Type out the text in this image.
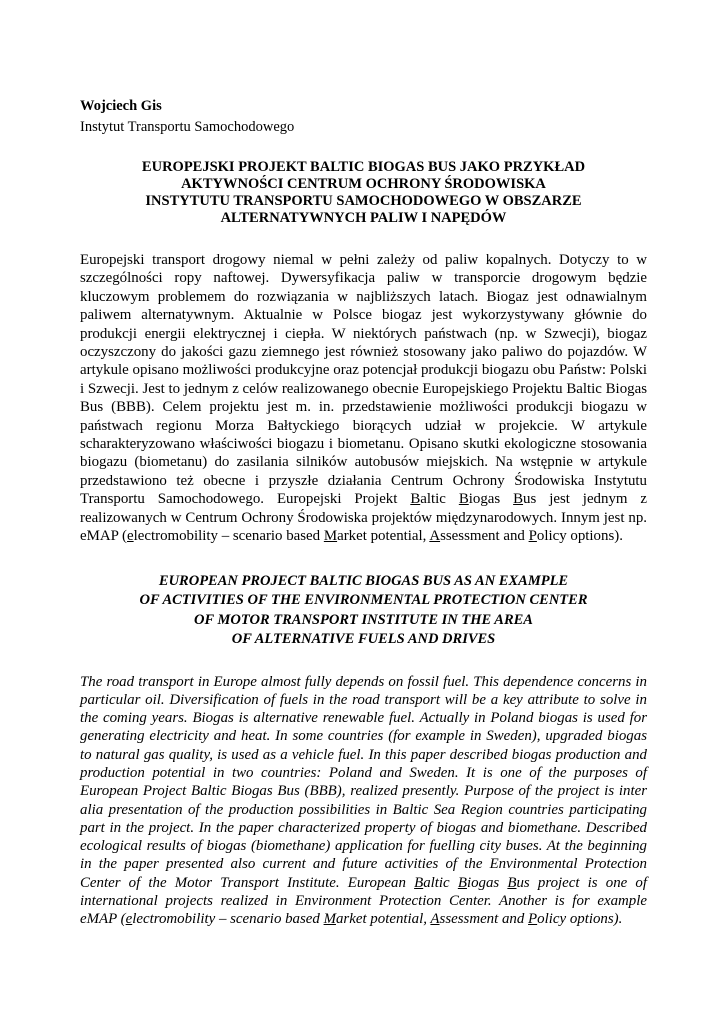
Wojciech Gis
Instytut Transportu Samochodowego
EUROPEJSKI PROJEKT BALTIC BIOGAS BUS JAKO PRZYKŁAD
AKTYWNOŚCI CENTRUM OCHRONY ŚRODOWISKA
INSTYTUTU TRANSPORTU SAMOCHODOWEGO W OBSZARZE
ALTERNATYWNYCH PALIW I NAPĘDÓW
Europejski transport drogowy niemal w pełni zależy od paliw kopalnych. Dotyczy to w szczególności ropy naftowej. Dywersyfikacja paliw w transporcie drogowym będzie kluczowym problemem do rozwiązania w najbliższych latach. Biogaz jest odnawialnym paliwem alternatywnym. Aktualnie w Polsce biogaz jest wykorzystywany głównie do produkcji energii elektrycznej i ciepła. W niektórych państwach (np. w Szwecji), biogaz oczyszczony do jakości gazu ziemnego jest również stosowany jako paliwo do pojazdów. W artykule opisano możliwości produkcyjne oraz potencjał produkcji biogazu obu Państw: Polski i Szwecji. Jest to jednym z celów realizowanego obecnie Europejskiego Projektu Baltic Biogas Bus (BBB). Celem projektu jest m. in. przedstawienie możliwości produkcji biogazu w państwach regionu Morza Bałtyckiego biorących udział w projekcie. W artykule scharakteryzowano właściwości biogazu i biometanu. Opisano skutki ekologiczne stosowania biogazu (biometanu) do zasilania silników autobusów miejskich. Na wstępnie w artykule przedstawiono też obecne i przyszłe działania Centrum Ochrony Środowiska Instytutu Transportu Samochodowego. Europejski Projekt Baltic Biogas Bus jest jednym z realizowanych w Centrum Ochrony Środowiska projektów międzynarodowych. Innym jest np. eMAP (electromobility – scenario based Market potential, Assessment and Policy options).
EUROPEAN PROJECT BALTIC BIOGAS BUS AS AN EXAMPLE
OF ACTIVITIES OF THE ENVIRONMENTAL PROTECTION CENTER
OF MOTOR TRANSPORT INSTITUTE IN THE AREA
OF ALTERNATIVE FUELS AND DRIVES
The road transport in Europe almost fully depends on fossil fuel. This dependence concerns in particular oil. Diversification of fuels in the road transport will be a key attribute to solve in the coming years. Biogas is alternative renewable fuel. Actually in Poland biogas is used for generating electricity and heat. In some countries (for example in Sweden), upgraded biogas to natural gas quality, is used as a vehicle fuel. In this paper described biogas production and production potential in two countries: Poland and Sweden. It is one of the purposes of European Project Baltic Biogas Bus (BBB), realized presently. Purpose of the project is inter alia presentation of the production possibilities in Baltic Sea Region countries participating part in the project. In the paper characterized property of biogas and biomethane. Described ecological results of biogas (biomethane) application for fuelling city buses. At the beginning in the paper presented also current and future activities of the Environmental Protection Center of the Motor Transport Institute. European Baltic Biogas Bus project is one of international projects realized in Environment Protection Center. Another is for example eMAP (electromobility – scenario based Market potential, Assessment and Policy options).
